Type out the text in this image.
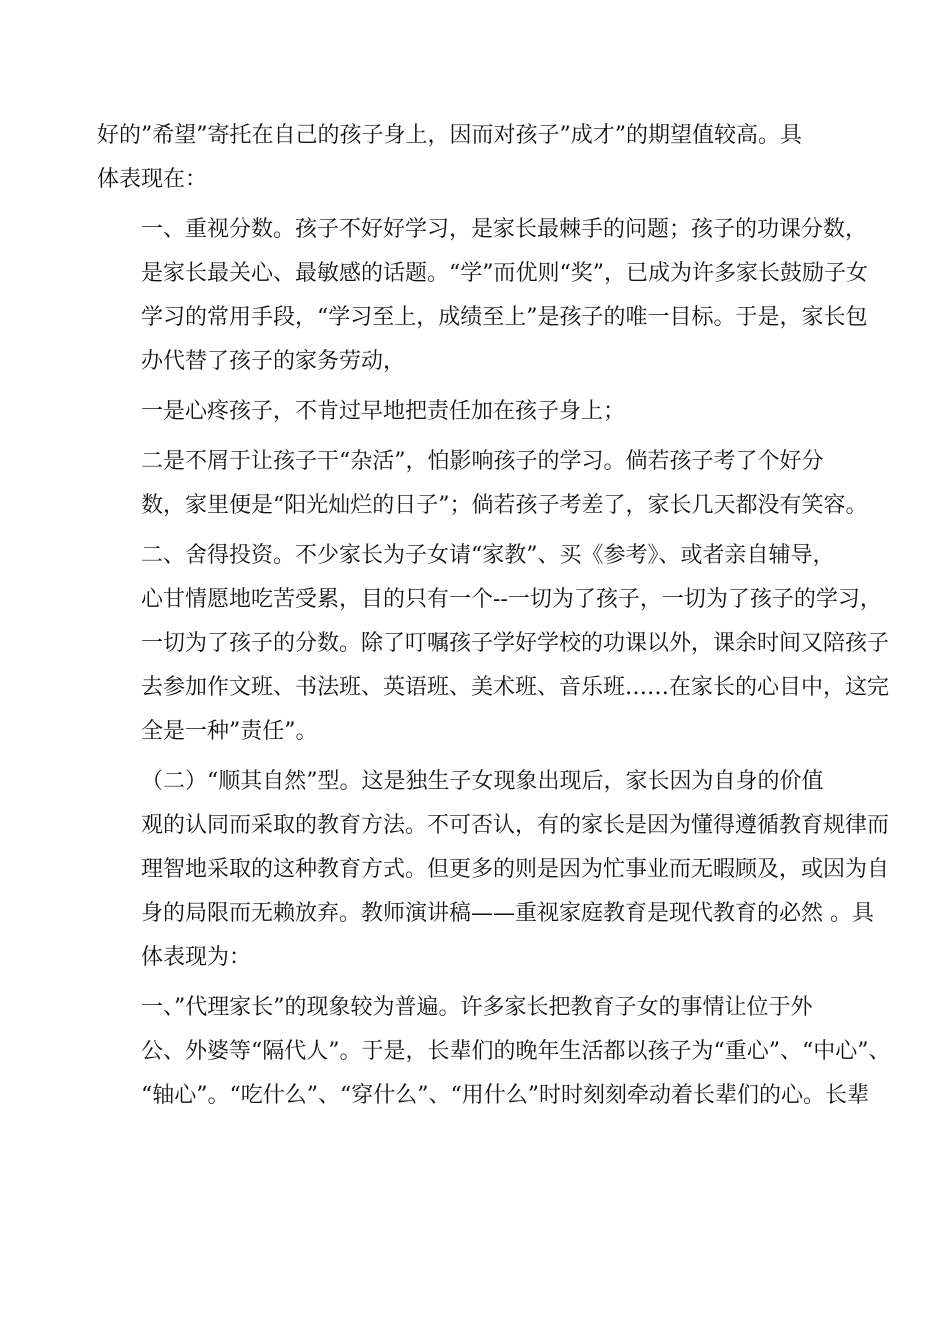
好的”希望”寄托在自己的孩子身上，因而对孩子”成才”的期望值较高。具
体表现在：

一、重视分数。孩子不好好学习，是家长最棘手的问题；孩子的功课分数，
是家长最关心、最敏感的话题。“学”而优则“奖”，已成为许多家长鼓励子女
学习的常用手段，“学习至上，成绩至上”是孩子的唯一目标。于是，家长包
办代替了孩子的家务劳动，

一是心疼孩子，不肯过早地把责任加在孩子身上；

二是不屑于让孩子干“杂活”，怕影响孩子的学习。倘若孩子考了个好分
数，家里便是“阳光灿烂的日子”；倘若孩子考差了，家长几天都没有笑容。

二、舍得投资。不少家长为子女请“家教”、买《参考》、或者亲自辅导，
心甘情愿地吃苦受累，目的只有一个--一切为了孩子，一切为了孩子的学习，
一切为了孩子的分数。除了叮嘱孩子学好学校的功课以外，课余时间又陪孩子
去参加作文班、书法班、英语班、美术班、音乐班……在家长的心目中，这完
全是一种”责任”。

（二）“顺其自然”型。这是独生子女现象出现后，家长因为自身的价值
观的认同而采取的教育方法。不可否认，有的家长是因为懂得遵循教育规律而
理智地采取的这种教育方式。但更多的则是因为忙事业而无暇顾及，或因为自
身的局限而无赖放弃。教师演讲稿——重视家庭教育是现代教育的必然 。具
体表现为：

一、”代理家长”的现象较为普遍。许多家长把教育子女的事情让位于外
公、外婆等“隔代人”。于是，长辈们的晚年生活都以孩子为“重心”、“中心”、
“轴心”。“吃什么”、“穿什么”、“用什么”时时刻刻牵动着长辈们的心。长辈
